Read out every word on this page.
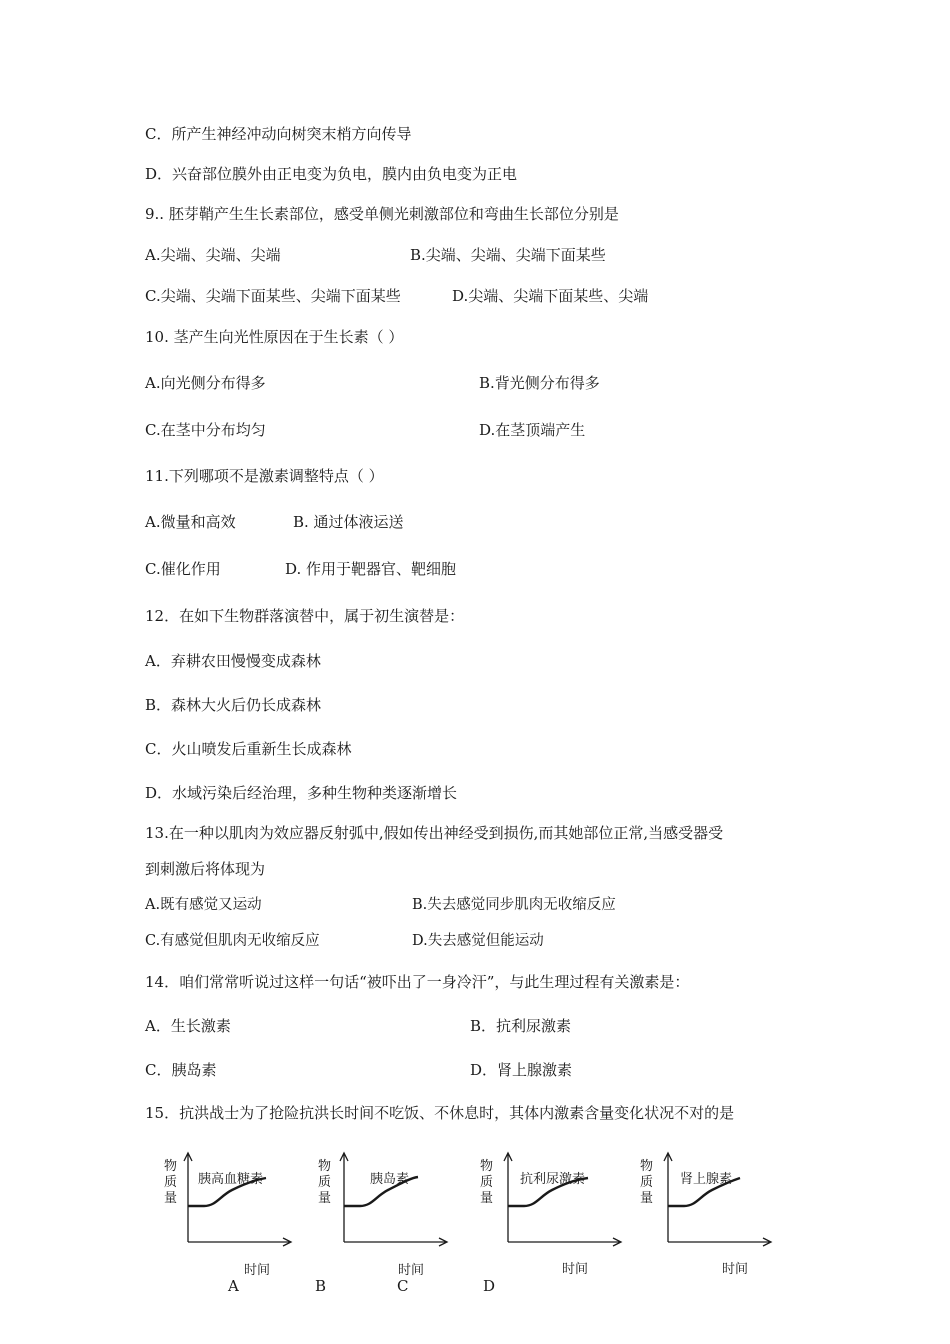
C．所产生神经冲动向树突末梢方向传导
D．兴奋部位膜外由正电变为负电，膜内由负电变为正电
9.. 胚芽鞘产生生长素部位，感受单侧光刺激部位和弯曲生长部位分别是
A.尖端、尖端、尖端	B.尖端、尖端、尖端下面某些
C.尖端、尖端下面某些、尖端下面某些	D.尖端、尖端下面某些、尖端
10. 茎产生向光性原因在于生长素（ ）
A.向光侧分布得多	B.背光侧分布得多
C.在茎中分布均匀	D.在茎顶端产生
11.下列哪项不是激素调整特点（ ）
A.微量和高效	B. 通过体液运送
C.催化作用	D. 作用于靶器官、靶细胞
12．在如下生物群落演替中，属于初生演替是：
A．弃耕农田慢慢变成森林
B．森林大火后仍长成森林
C．火山喷发后重新生长成森林
D．水域污染后经治理，多种生物种类逐渐增长
13.在一种以肌肉为效应器反射弧中,假如传出神经受到损伤,而其她部位正常,当感受器受
到刺激后将体现为
A.既有感觉又运动	B.失去感觉同步肌肉无收缩反应
C.有感觉但肌肉无收缩反应	D.失去感觉但能运动
14．咱们常常听说过这样一句话“被吓出了一身冷汗”，与此生理过程有关激素是：
A．生长激素	B．抗利尿激素
C．胰岛素	D．肾上腺激素
15．抗洪战士为了抢险抗洪长时间不吃饭、不休息时，其体内激素含量变化状况不对的是
物
质
量
胰高血糖素
时间
物
质
量
胰岛素
时间
物
质
量
抗利尿激素
时间
物
质
量
肾上腺素
时间
A	B	C	D
